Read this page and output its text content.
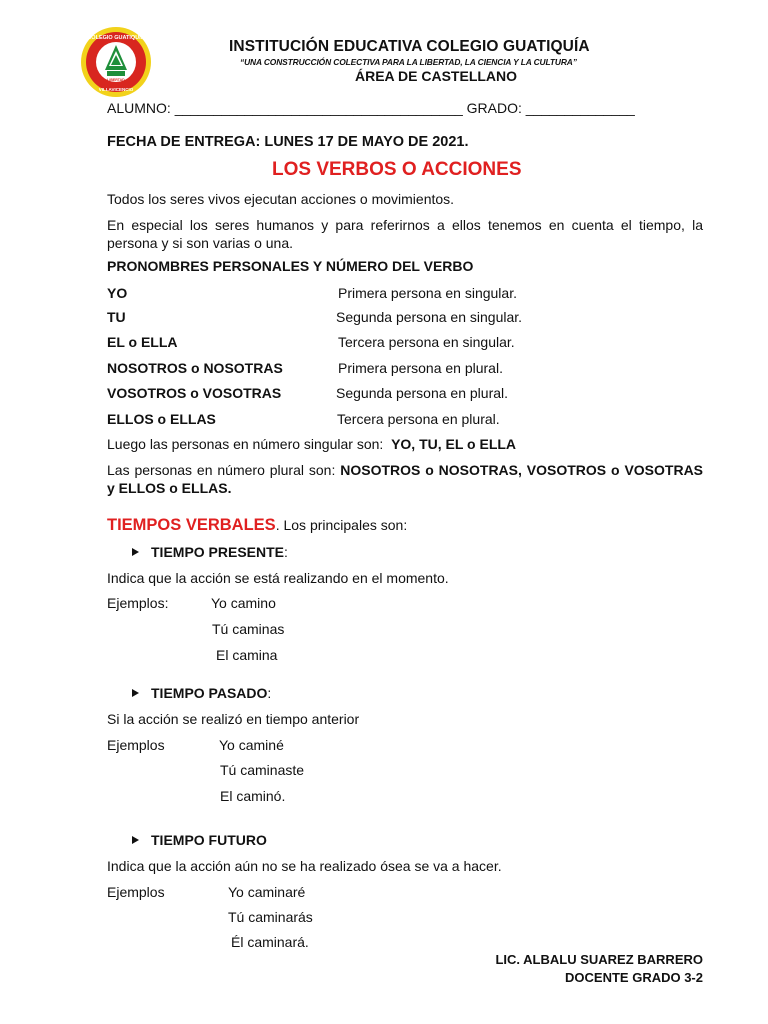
COLEGIO GUATIQUÍA
LIBERTAD
VILLAVICENCIO
INSTITUCIÓN EDUCATIVA COLEGIO GUATIQUÍA
“UNA CONSTRUCCIÓN COLECTIVA PARA LA LIBERTAD, LA CIENCIA Y LA CULTURA”
ÁREA DE CASTELLANO
ALUMNO: _____________________________________ GRADO: ______________
FECHA DE ENTREGA: LUNES 17 DE MAYO DE 2021.
LOS VERBOS O ACCIONES
Todos los seres vivos ejecutan acciones o movimientos.
En especial los seres humanos y para referirnos a ellos tenemos en cuenta el tiempo, la persona y si son varias o una.
PRONOMBRES PERSONALES Y NÚMERO DEL VERBO
YO	Primera persona en singular.
TU	Segunda persona en singular.
EL o ELLA	Tercera persona en singular.
NOSOTROS o NOSOTRAS	Primera persona en plural.
VOSOTROS o VOSOTRAS	Segunda persona en plural.
ELLOS o ELLAS	Tercera persona en plural.
Luego las personas en número singular son: YO, TU, EL o ELLA
Las personas en número plural son: NOSOTROS o NOSOTRAS, VOSOTROS o VOSOTRAS y ELLOS o ELLAS.
TIEMPOS VERBALES. Los principales son:
TIEMPO PRESENTE:
Indica que la acción se está realizando en el momento.
Ejemplos:	Yo camino
Tú caminas
El camina
TIEMPO PASADO:
Si la acción se realizó en tiempo anterior
Ejemplos	Yo caminé
Tú caminaste
El caminó.
TIEMPO FUTURO
Indica que la acción aún no se ha realizado ósea se va a hacer.
Ejemplos	Yo caminaré
Tú caminarás
Él caminará.
LIC. ALBALU SUAREZ BARRERO
DOCENTE GRADO 3-2
